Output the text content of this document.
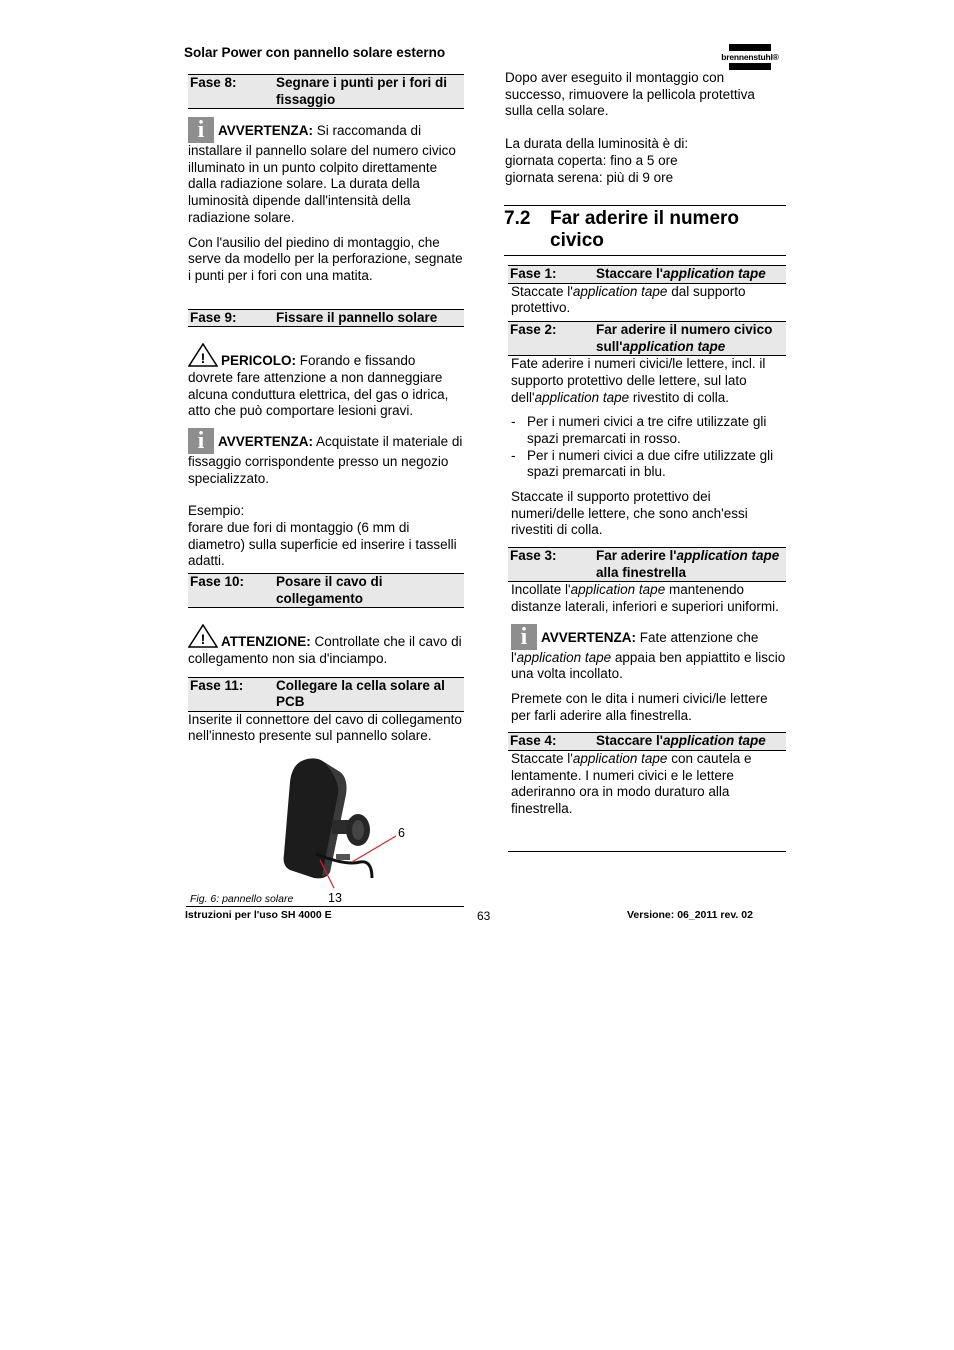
Solar Power con pannello solare esterno	brennenstuhl®
Fase 8:	Segnare i punti per i fori di fissaggio

i AVVERTENZA: Si raccomanda di installare il pannello solare del numero civico illuminato in un punto colpito direttamente dalla radiazione solare. La durata della luminosità dipende dall'intensità della radiazione solare.

Con l'ausilio del piedino di montaggio, che serve da modello per la perforazione, segnate i punti per i fori con una matita.

Fase 9:	Fissare il pannello solare

! PERICOLO: Forando e fissando dovrete fare attenzione a non danneggiare alcuna conduttura elettrica, del gas o idrica, atto che può comportare lesioni gravi.

i AVVERTENZA: Acquistate il materiale di fissaggio corrispondente presso un negozio specializzato.

Esempio:

forare due fori di montaggio (6 mm di diametro) sulla superficie ed inserire i tasselli adatti.

Fase 10:	Posare il cavo di collegamento

! ATTENZIONE: Controllate che il cavo di collegamento non sia d'inciampo.

Fase 11:	Collegare la cella solare al PCB

Inserite il connettore del cavo di collegamento nell'innesto presente sul pannello solare.

6
13
Fig. 6: pannello solare

Dopo aver eseguito il montaggio con successo, rimuovere la pellicola protettiva sulla cella solare.

La durata della luminosità è di:

giornata coperta: fino a 5 ore

giornata serena: più di 9 ore

7.2	Far aderire il numero civico
Fase 1:	Staccare l'application tape

Staccate l'application tape dal supporto protettivo.

Fase 2:	Far aderire il numero civico sull'application tape

Fate aderire i numeri civici/le lettere, incl. il supporto protettivo delle lettere, sul lato dell'application tape rivestito di colla.

- Per i numeri civici a tre cifre utilizzate gli spazi premarcati in rosso.
- Per i numeri civici a due cifre utilizzate gli spazi premarcati in blu.

Staccate il supporto protettivo dei numeri/delle lettere, che sono anch'essi rivestiti di colla.

Fase 3:	Far aderire l'application tape alla finestrella

Incollate l'application tape mantenendo distanze laterali, inferiori e superiori uniformi.

i AVVERTENZA: Fate attenzione che l'application tape appaia ben appiattito e liscio una volta incollato.

Premete con le dita i numeri civici/le lettere per farli aderire alla finestrella.

Fase 4:	Staccare l'application tape

Staccate l'application tape con cautela e lentamente. I numeri civici e le lettere aderiranno ora in modo duraturo alla finestrella.

Istruzioni per l'uso SH 4000 E	63	Versione: 06_2011 rev. 02
